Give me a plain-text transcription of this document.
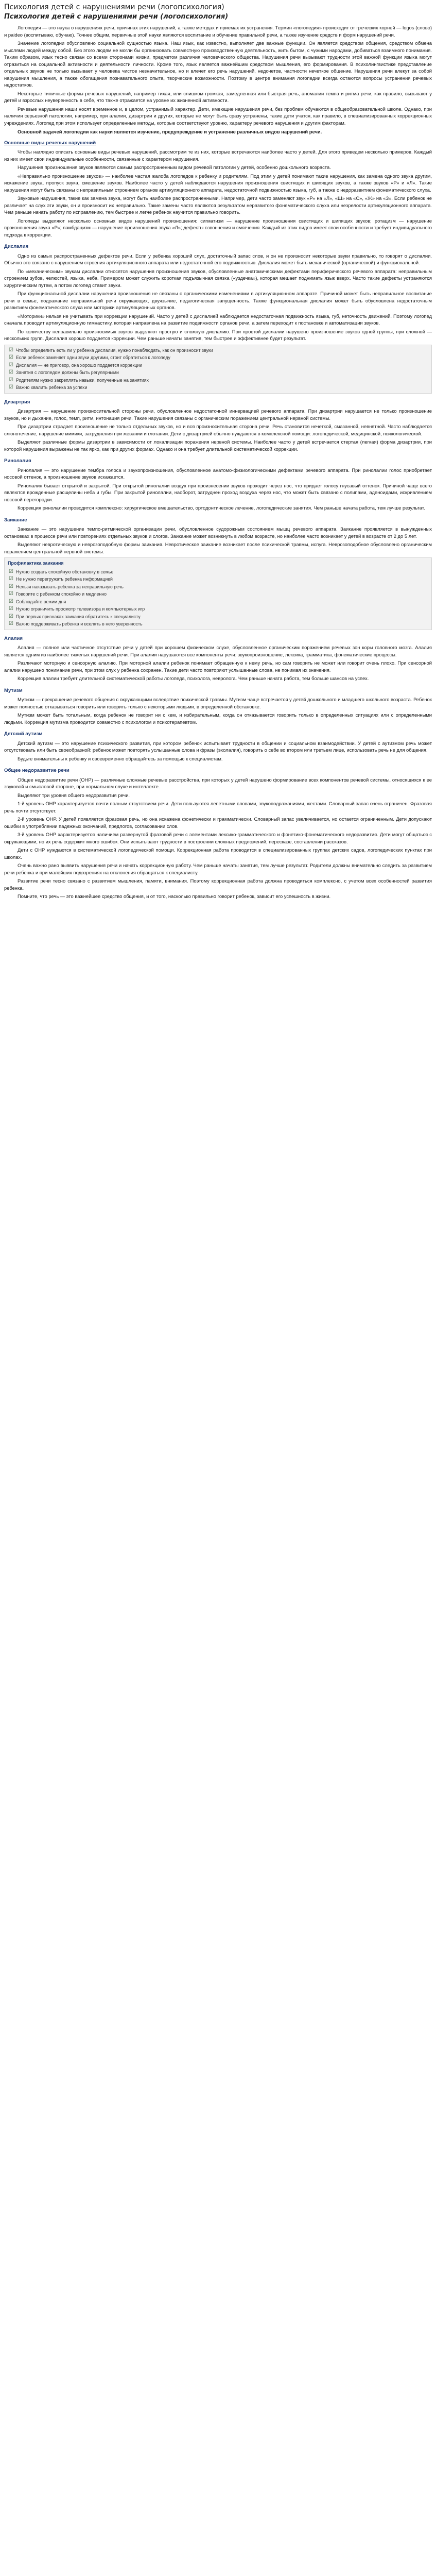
Психология детей с нарушениями речи (логопсихология)
Психология детей с нарушениями речи (логопсихология)

Логопедия — это наука о нарушениях речи, причинах этих нарушений, а также методах и приемах их устранения. Термин «логопедия» происходит от греческих корней — logos (слово) и paideo (воспитываю, обучаю). Точнее общим, первичные этой науки являются воспитание и обучение правильной речи, а также изучение средств и форм нарушений речи.

Значение логопедии обусловлено социальной сущностью языка. Наш язык, как известно, выполняет две важные функции. Он является средством общения, средством обмена мыслями людей между собой. Без этого людям не могли бы организовать совместную производственную деятельность, жить бытом, с чужими народами, добиваться взаимного понимания. Таким образом, язык тесно связан со всеми сторонами жизни, предметом различия человеческого общества. Нарушения речи вызывают трудности этой важной функции языка могут отразиться на социальной активности и деятельности личности. Кроме того, язык является важнейшим средством мышления, его формирования. В психолингвистике представление отдельных звуков не только вызывает у человека чистое незначительное, но и влечет его речь нарушений, недочетов, частности нечеткое общение. Нарушения речи влекут за собой нарушения мышления, а также обогащения познавательного опыта, творческие возможности. Поэтому в центре внимания логопедии всегда остаются вопросы устранения речевых недостатков.

Некоторые типичные формы речевых нарушений, например тихая, или слишком громкая, замедленная или быстрая речь, аномалии темпа и ритма речи, как правило, вызывают у детей и взрослых неуверенность в себе, что также отражается на уровне их жизненной активности.

Речевые нарушения наши носят временное и, в целом, устранимый характер. Дети, имеющие нарушения речи, без проблем обучаются в общеобразовательной школе. Однако, при наличии серьезной патологии, например, при алалии, дизартрии и других, которые не могут быть сразу устранены, такие дети учатся, как правило, в специализированных коррекционных учреждениях. Логопед при этом использует определенные методы, которые соответствуют уровню, характеру речевого нарушения и другим факторам.

Основной задачей логопедии как науки является изучение, предупреждение и устранение различных видов нарушений речи.

Основные виды речевых нарушений

Чтобы наглядно описать основные виды речевых нарушений, рассмотрим те из них, которые встречаются наиболее часто у детей. Для этого приведем несколько примеров. Каждый из них имеет свои индивидуальные особенности, связанные с характером нарушения.

Нарушения произношения звуков являются самым распространенным видом речевой патологии у детей, особенно дошкольного возраста.

«Неправильно произношение звуков» — наиболее частая жалоба логопедов к ребенку и родителям. Под этим у детей понимают такие нарушения, как замена одного звука другим, искажение звука, пропуск звука, смешение звуков. Наиболее часто у детей наблюдаются нарушения произношения свистящих и шипящих звуков, а также звуков «Р» и «Л». Такие нарушения могут быть связаны с неправильным строением органов артикуляционного аппарата, недостаточной подвижностью языка, губ, а также с недоразвитием фонематического слуха.

Звуковые нарушения, такие как замена звука, могут быть наиболее распространенными. Например, дети часто заменяют звук «Р» на «Л», «Ш» на «С», «Ж» на «З». Если ребенок не различает на слух эти звуки, он и произносит их неправильно. Такие замены часто являются результатом неразвитого фонематического слуха или незрелости артикуляционного аппарата. Чем раньше начать работу по исправлению, тем быстрее и легче ребенок научится правильно говорить.

Логопеды выделяют несколько основных видов нарушений произношения: сигматизм — нарушение произношения свистящих и шипящих звуков; ротацизм — нарушение произношения звука «Р»; ламбдацизм — нарушение произношения звука «Л»; дефекты озвончения и смягчения. Каждый из этих видов имеет свои особенности и требует индивидуального подхода к коррекции.

Дислалия

Одно из самых распространенных дефектов речи. Если у ребенка хороший слух, достаточный запас слов, и он не произносит некоторые звуки правильно, то говорят о дислалии. Обычно это связано с нарушением строения артикуляционного аппарата или недостаточной его подвижностью. Дислалия может быть механической (органической) и функциональной.

По «механическим» звукам дислалии относятся нарушения произношения звуков, обусловленные анатомическими дефектами периферического речевого аппарата: неправильным строением зубов, челюстей, языка, неба. Примером может служить короткая подъязычная связка («уздечка»), которая мешает поднимать язык вверх. Часто такие дефекты устраняются хирургическим путем, а потом логопед ставит звуки.

При функциональной дислалии нарушения произношения не связаны с органическими изменениями в артикуляционном аппарате. Причиной может быть неправильное воспитание речи в семье, подражание неправильной речи окружающих, двуязычие, педагогическая запущенность. Также функциональная дислалия может быть обусловлена недостаточным развитием фонематического слуха или моторики артикуляционных органов.

«Моторики» нельзя не учитывать при коррекции нарушений. Часто у детей с дислалией наблюдается недостаточная подвижность языка, губ, неточность движений. Поэтому логопед сначала проводит артикуляционную гимнастику, которая направлена на развитие подвижности органов речи, а затем переходит к постановке и автоматизации звуков.

По количеству неправильно произносимых звуков выделяют простую и сложную дислалию. При простой дислалии нарушено произношение звуков одной группы, при сложной — нескольких групп. Дислалия хорошо поддается коррекции. Чем раньше начаты занятия, тем быстрее и эффективнее будет результат.

☑ Чтобы определить есть ли у ребенка дислалия, нужно понаблюдать, как он произносит звуки
☑ Если ребенок заменяет одни звуки другими, стоит обратиться к логопеду
☑ Дислалия — не приговор, она хорошо поддается коррекции
☑ Занятия с логопедом должны быть регулярными
☑ Родителям нужно закреплять навыки, полученные на занятиях
☑ Важно хвалить ребенка за успехи
Дизартрия

Дизартрия — нарушение произносительной стороны речи, обусловленное недостаточной иннервацией речевого аппарата. При дизартрии нарушается не только произношение звуков, но и дыхание, голос, темп, ритм, интонация речи. Такие нарушения связаны с органическим поражением центральной нервной системы.

При дизартрии страдает произношение не только отдельных звуков, но и вся произносительная сторона речи. Речь становится нечеткой, смазанной, невнятной. Часто наблюдается слюнотечение, нарушение мимики, затруднения при жевании и глотании. Дети с дизартрией обычно нуждаются в комплексной помощи: логопедической, медицинской, психологической.

Выделяют различные формы дизартрии в зависимости от локализации поражения нервной системы. Наиболее часто у детей встречается стертая (легкая) форма дизартрии, при которой нарушения выражены не так ярко, как при других формах. Однако и она требует длительной систематической коррекции.

Ринолалия

Ринолалия — это нарушение тембра голоса и звукопроизношения, обусловленное анатомо-физиологическими дефектами речевого аппарата. При ринолалии голос приобретает носовой оттенок, а произношение звуков искажается.

Ринолалия бывает открытой и закрытой. При открытой ринолалии воздух при произнесении звуков проходит через нос, что придает голосу гнусавый оттенок. Причиной чаще всего являются врожденные расщелины неба и губы. При закрытой ринолалии, наоборот, затруднен проход воздуха через нос, что может быть связано с полипами, аденоидами, искривлением носовой перегородки.

Коррекция ринолалии проводится комплексно: хирургическое вмешательство, ортодонтическое лечение, логопедические занятия. Чем раньше начата работа, тем лучше результат.

Заикание

Заикание — это нарушение темпо-ритмической организации речи, обусловленное судорожным состоянием мышц речевого аппарата. Заикание проявляется в вынужденных остановках в процессе речи или повторениях отдельных звуков и слогов. Заикание может возникнуть в любом возрасте, но наиболее часто возникает у детей в возрасте от 2 до 5 лет.

Выделяют невротическую и неврозоподобную формы заикания. Невротическое заикание возникает после психической травмы, испуга. Неврозоподобное обусловлено органическим поражением центральной нервной системы.

Профилактика заикания
☑ Нужно создать спокойную обстановку в семье
☑ Не нужно перегружать ребенка информацией
☑ Нельзя наказывать ребенка за неправильную речь
☑ Говорите с ребенком спокойно и медленно
☑ Соблюдайте режим дня
☑ Нужно ограничить просмотр телевизора и компьютерных игр
☑ При первых признаках заикания обратитесь к специалисту
☑ Важно поддерживать ребенка и вселять в него уверенность
Алалия

Алалия — полное или частичное отсутствие речи у детей при хорошем физическом слухе, обусловленное органическим поражением речевых зон коры головного мозга. Алалия является одним из наиболее тяжелых нарушений речи. При алалии нарушаются все компоненты речи: звукопроизношение, лексика, грамматика, фонематические процессы.

Различают моторную и сенсорную алалию. При моторной алалии ребенок понимает обращенную к нему речь, но сам говорить не может или говорит очень плохо. При сенсорной алалии нарушено понимание речи, при этом слух у ребенка сохранен. Такие дети часто повторяют услышанные слова, не понимая их значения.

Коррекция алалии требует длительной систематической работы логопеда, психолога, невролога. Чем раньше начата работа, тем больше шансов на успех.

Мутизм

Мутизм — прекращение речевого общения с окружающими вследствие психической травмы. Мутизм чаще встречается у детей дошкольного и младшего школьного возраста. Ребенок может полностью отказываться говорить или говорить только с некоторыми людьми, в определенной обстановке.

Мутизм может быть тотальным, когда ребенок не говорит ни с кем, и избирательным, когда он отказывается говорить только в определенных ситуациях или с определенными людьми. Коррекция мутизма проводится совместно с психологом и психотерапевтом.

Детский аутизм

Детский аутизм — это нарушение психического развития, при котором ребенок испытывает трудности в общении и социальном взаимодействии. У детей с аутизмом речь может отсутствовать или быть своеобразной: ребенок может повторять услышанные слова и фразы (эхолалия), говорить о себе во втором или третьем лице, использовать речь не для общения.

Будьте внимательны к ребенку и своевременно обращайтесь за помощью к специалистам.

Общее недоразвитие речи

Общее недоразвитие речи (ОНР) — различные сложные речевые расстройства, при которых у детей нарушено формирование всех компонентов речевой системы, относящихся к ее звуковой и смысловой стороне, при нормальном слухе и интеллекте.

Выделяют три уровня общего недоразвития речи.

1-й уровень ОНР характеризуется почти полным отсутствием речи. Дети пользуются лепетными словами, звукоподражаниями, жестами. Словарный запас очень ограничен. Фразовая речь почти отсутствует.

2-й уровень ОНР. У детей появляется фразовая речь, но она искажена фонетически и грамматически. Словарный запас увеличивается, но остается ограниченным. Дети допускают ошибки в употреблении падежных окончаний, предлогов, согласовании слов.

3-й уровень ОНР характеризуется наличием развернутой фразовой речи с элементами лексико-грамматического и фонетико-фонематического недоразвития. Дети могут общаться с окружающими, но их речь содержит много ошибок. Они испытывают трудности в построении сложных предложений, пересказе, составлении рассказов.

Дети с ОНР нуждаются в систематической логопедической помощи. Коррекционная работа проводится в специализированных группах детских садов, логопедических пунктах при школах.

Очень важно рано выявить нарушения речи и начать коррекционную работу. Чем раньше начаты занятия, тем лучше результат. Родители должны внимательно следить за развитием речи ребенка и при малейших подозрениях на отклонения обращаться к специалисту.

Развитие речи тесно связано с развитием мышления, памяти, внимания. Поэтому коррекционная работа должна проводиться комплексно, с учетом всех особенностей развития ребенка.

Помните, что речь — это важнейшее средство общения, и от того, насколько правильно говорит ребенок, зависит его успешность в жизни.
